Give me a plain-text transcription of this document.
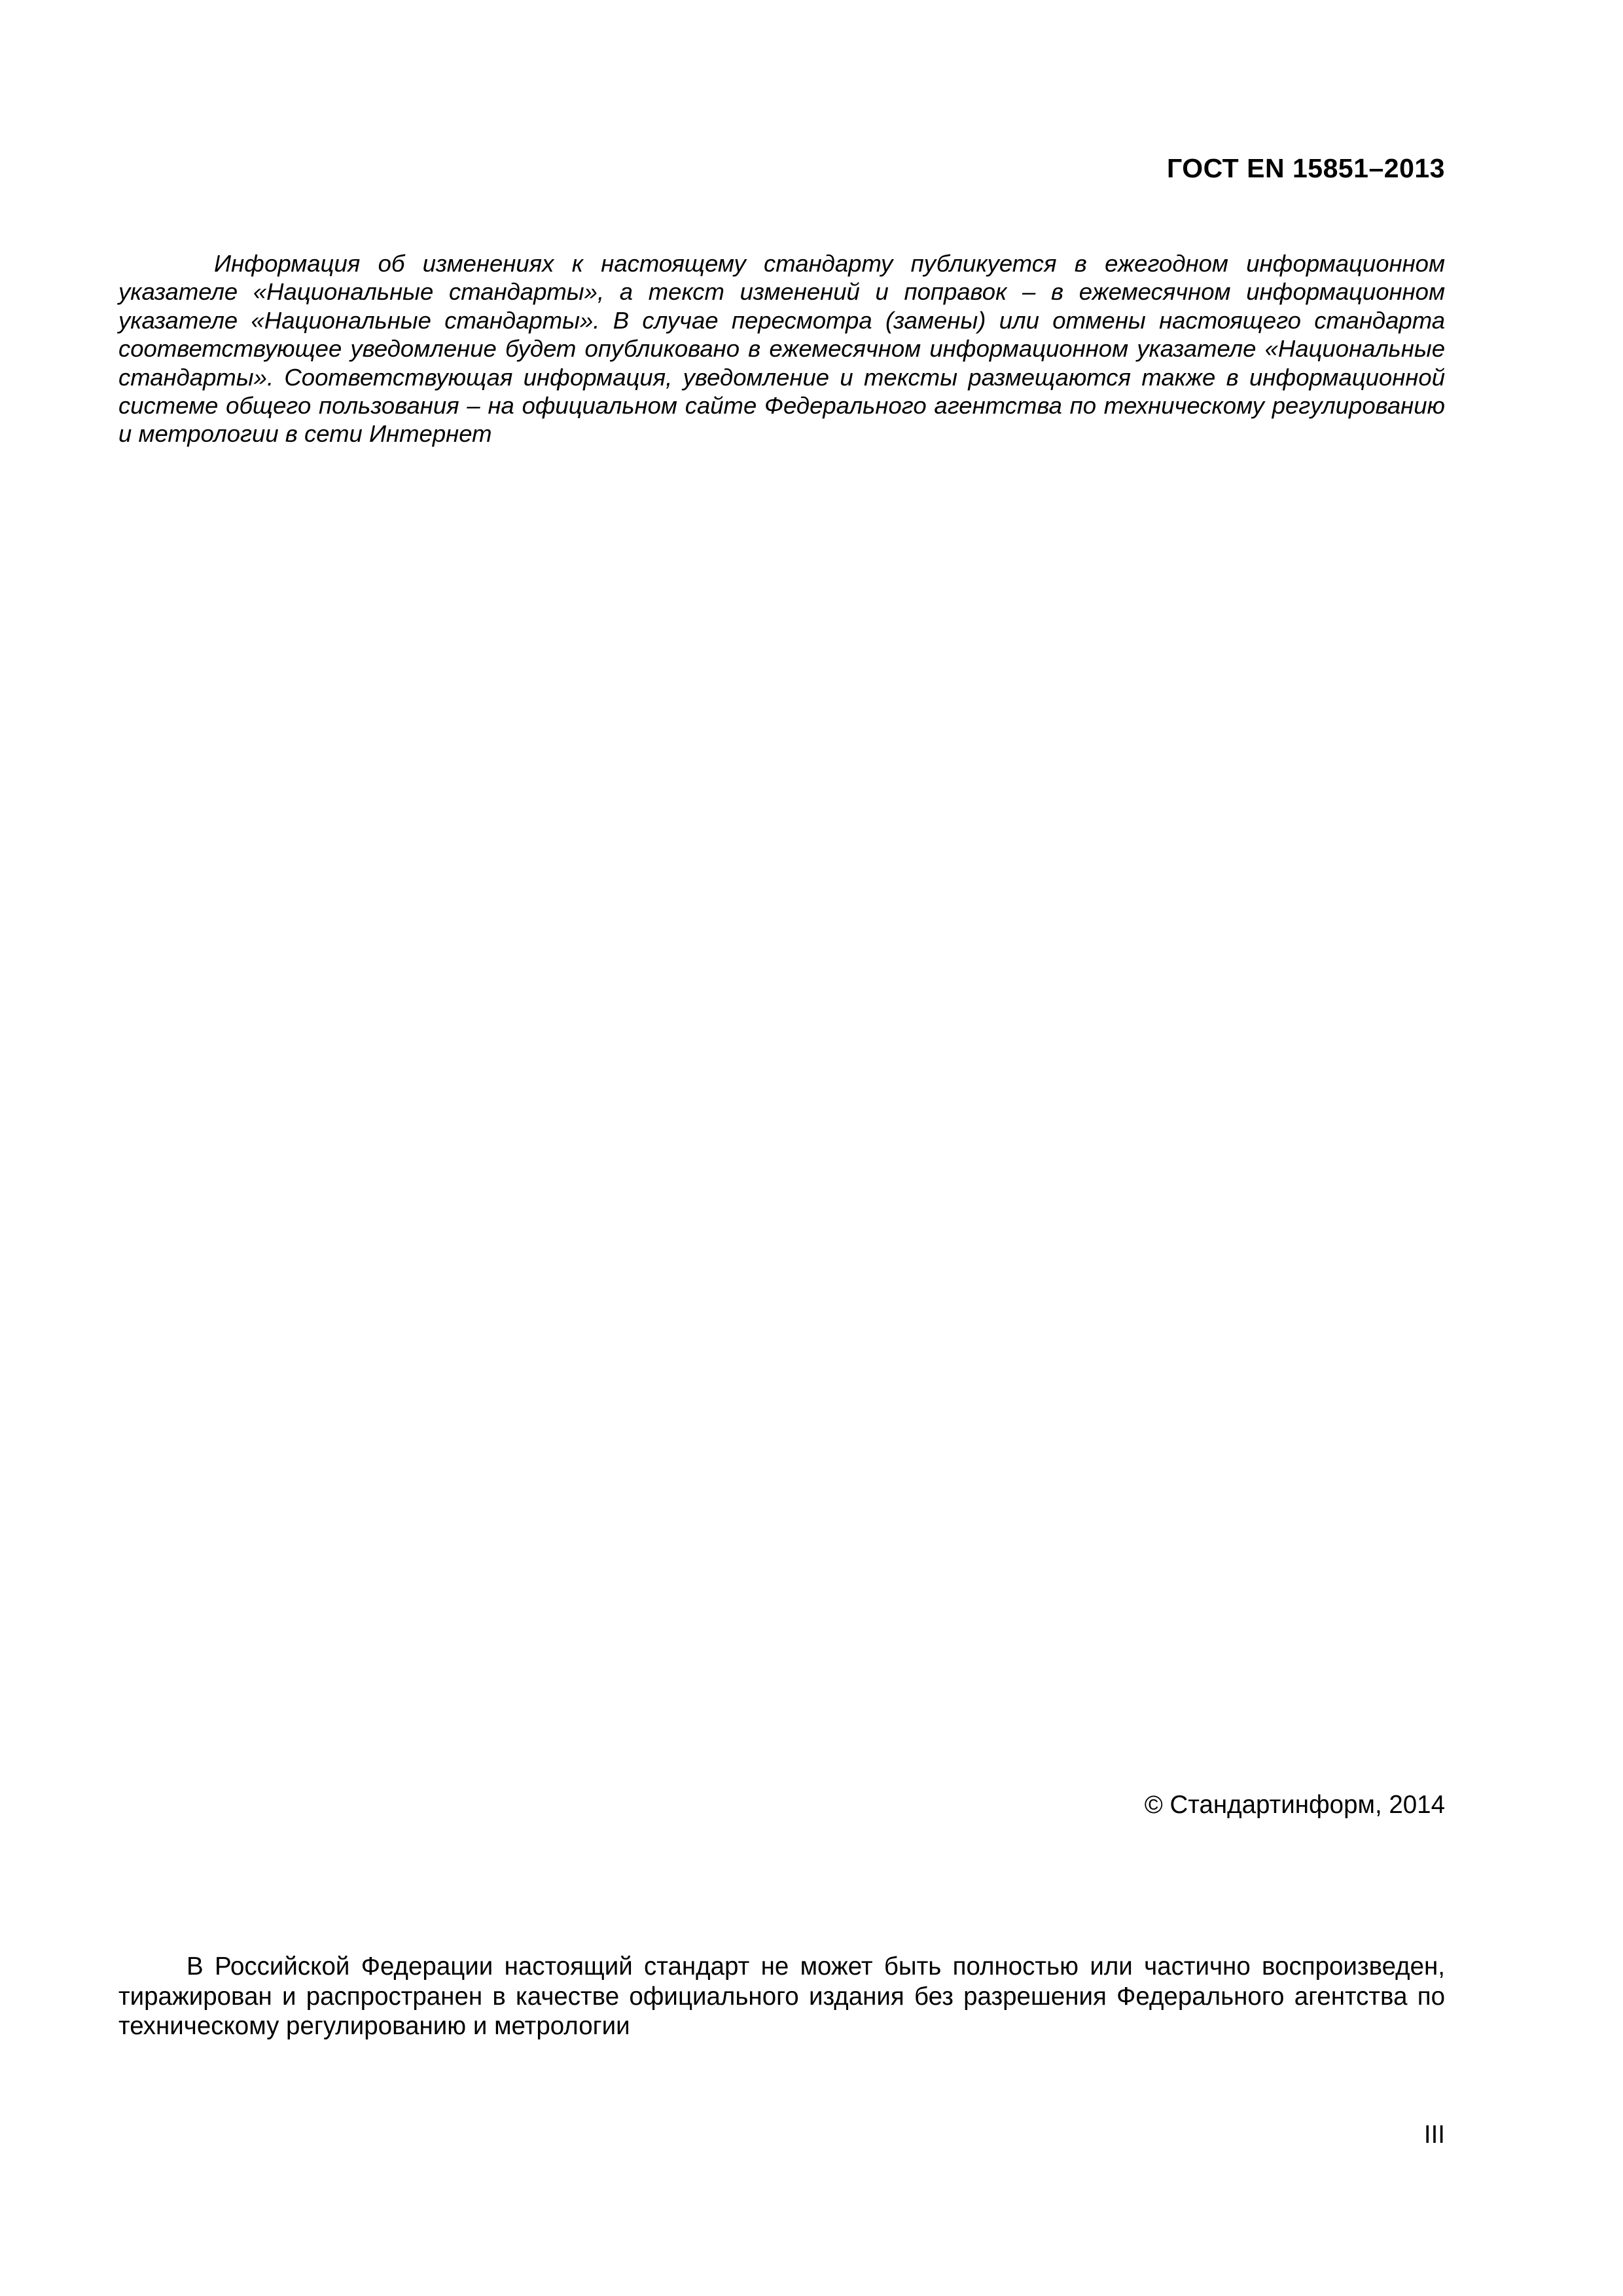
ГОСТ EN 15851–2013

Информация об изменениях к настоящему стандарту публикуется в ежегодном информационном указателе «Национальные стандарты», а текст изменений и поправок – в ежемесячном информационном указателе «Национальные стандарты». В случае пересмотра (замены) или отмены настоящего стандарта соответствующее уведомление будет опубликовано в ежемесячном информационном указателе «Национальные стандарты». Соответствующая информация, уведомление и тексты размещаются также в информационной системе общего пользования – на официальном сайте Федерального агентства по техническому регулированию и метрологии в сети Интернет

© Стандартинформ, 2014

В Российской Федерации настоящий стандарт не может быть полностью или частично воспроизведен, тиражирован и распространен в качестве официального издания без разрешения Федерального агентства по техническому регулированию и метрологии

III
